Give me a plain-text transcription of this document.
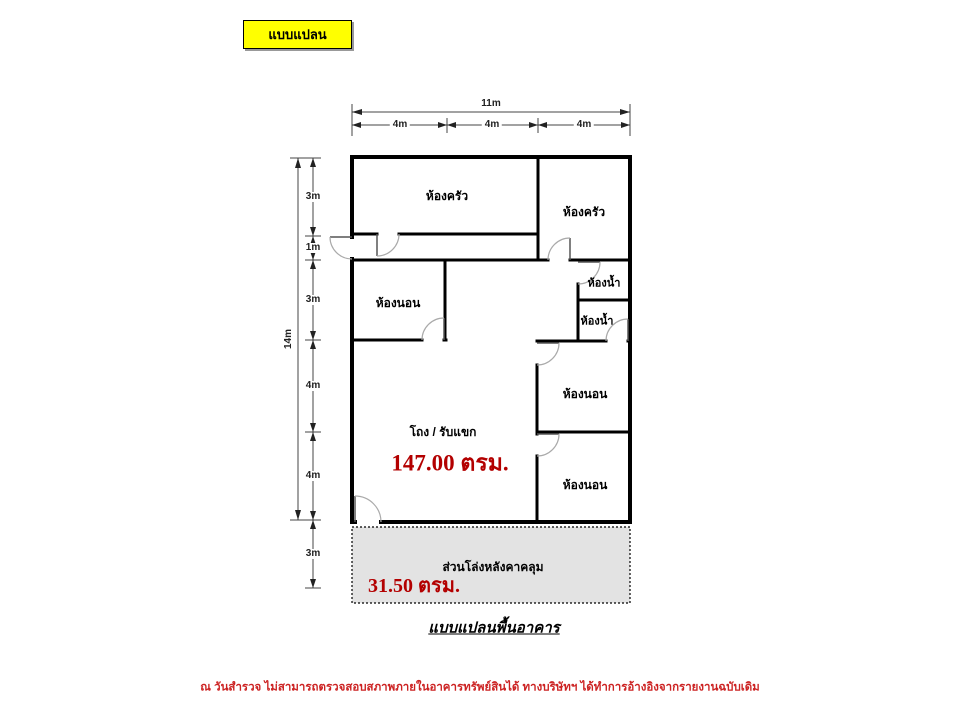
แบบแปลน
11m
4m	4m	4m
14m
3m
1m
3m
4m
4m
3m
ห้องครัว
ห้องครัว
ห้องนอน
ห้องน้ำ
ห้องน้ำ
ห้องนอน
ห้องนอน
โถง / รับแขก
147.00 ตรม.
ส่วนโล่งหลังคาคลุม
31.50 ตรม.
แบบแปลนพื้นอาคาร
ณ วันสำรวจ ไม่สามารถตรวจสอบสภาพภายในอาคารทรัพย์สินได้ ทางบริษัทฯ ได้ทำการอ้างอิงจากรายงานฉบับเดิม
